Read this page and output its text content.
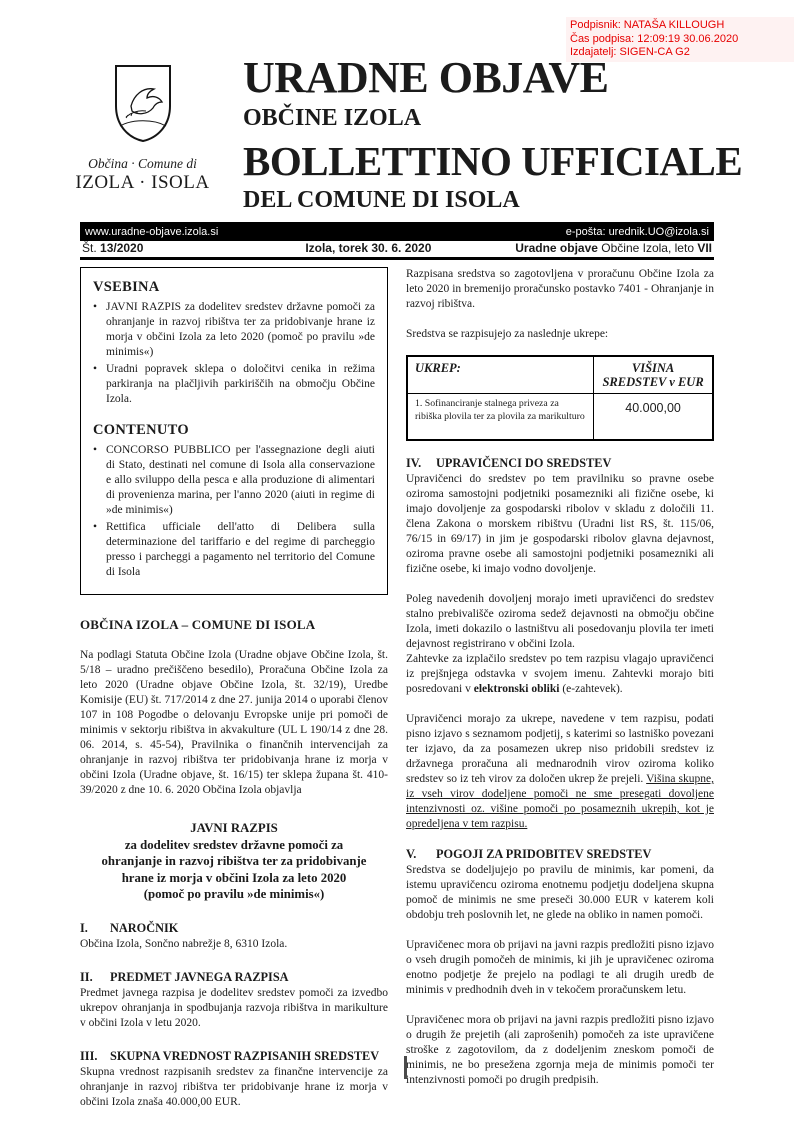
Podpisnik: NATAŠA KILLOUGH
Čas podpisa: 12:09:19 30.06.2020
Izdajatelj: SIGEN-CA G2
Občina · Comune di
IZOLA · ISOLA
URADNE OBJAVE
OBČINE IZOLA
BOLLETTINO UFFICIALE
DEL COMUNE DI ISOLA
www.uradne-objave.izola.si	e-pošta: urednik.UO@izola.si
Št. 13/2020	Izola, torek 30. 6. 2020	Uradne objave Občine Izola, leto VII
VSEBINA
• JAVNI RAZPIS za dodelitev sredstev državne pomoči za ohranjanje in razvoj ribištva ter za pridobivanje hrane iz morja v občini Izola za leto 2020 (pomoč po pravilu »de minimis«)
• Uradni popravek sklepa o določitvi cenika in režima parkiranja na plačljivih parkiriščih na območju Občine Izola.
CONTENUTO
• CONCORSO PUBBLICO per l'assegnazione degli aiuti di Stato, destinati nel comune di Isola alla conservazione e allo sviluppo della pesca e alla produzione di alimentari di provenienza marina, per l'anno 2020 (aiuti in regime di »de minimis«)
• Rettifica ufficiale dell'atto di Delibera sulla determinazione del tariffario e del regime di parcheggio presso i parcheggi a pagamento nel territorio del Comune di Isola
OBČINA IZOLA – COMUNE DI ISOLA

Na podlagi Statuta Občine Izola (Uradne objave Občine Izola, št. 5/18 – uradno prečiščeno besedilo), Proračuna Občine Izola za leto 2020 (Uradne objave Občine Izola, št. 32/19), Uredbe Komisije (EU) št. 717/2014 z dne 27. junija 2014 o uporabi členov 107 in 108 Pogodbe o delovanju Evropske unije pri pomoči de minimis v sektorju ribištva in akvakulture (UL L 190/14 z dne 28. 06. 2014, s. 45-54), Pravilnika o finančnih intervencijah za ohranjanje in razvoj ribištva ter pridobivanja hrane iz morja v občini Izola (Uradne objave, št. 16/15) ter sklepa župana št. 410-39/2020 z dne 10. 6. 2020 Občina Izola objavlja

JAVNI RAZPIS
za dodelitev sredstev državne pomoči za
ohranjanje in razvoj ribištva ter za pridobivanje
hrane iz morja v občini Izola za leto 2020
(pomoč po pravilu »de minimis«)
I.	NAROČNIK

Občina Izola, Sončno nabrežje 8, 6310 Izola.

II.	PREDMET JAVNEGA RAZPISA

Predmet javnega razpisa je dodelitev sredstev pomoči za izvedbo ukrepov ohranjanja in spodbujanja razvoja ribištva in marikulture v občini Izola v letu 2020.

III.	SKUPNA VREDNOST RAZPISANIH SREDSTEV

Skupna vrednost razpisanih sredstev za finančne intervencije za ohranjanje in razvoj ribištva ter pridobivanje hrane iz morja v občini Izola znaša 40.000,00 EUR.

Razpisana sredstva so zagotovljena v proračunu Občine Izola za leto 2020 in bremenijo proračunsko postavko 7401 - Ohranjanje in razvoj ribištva.

Sredstva se razpisujejo za naslednje ukrepe:

UKREP:	VIŠINA SREDSTEV v EUR
1. Sofinanciranje stalnega priveza za ribiška plovila ter za plovila za marikulturo	40.000,00
IV.	UPRAVIČENCI DO SREDSTEV

Upravičenci do sredstev po tem pravilniku so pravne osebe oziroma samostojni podjetniki posamezniki ali fizične osebe, ki imajo dovoljenje za gospodarski ribolov v skladu z določili 11. člena Zakona o morskem ribištvu (Uradni list RS, št. 115/06, 76/15 in 69/17) in jim je gospodarski ribolov glavna dejavnost, oziroma pravne osebe ali samostojni podjetniki posamezniki ali fizične osebe, ki imajo vodno dovoljenje.

Poleg navedenih dovoljenj morajo imeti upravičenci do sredstev stalno prebivališče oziroma sedež dejavnosti na območju občine Izola, imeti dokazilo o lastništvu ali posedovanju plovila ter imeti dejavnost registrirano v občini Izola.

Zahtevke za izplačilo sredstev po tem razpisu vlagajo upravičenci iz prejšnjega odstavka v svojem imenu. Zahtevki morajo biti posredovani v elektronski obliki (e-zahtevek).

Upravičenci morajo za ukrepe, navedene v tem razpisu, podati pisno izjavo s seznamom podjetij, s katerimi so lastniško povezani ter izjavo, da za posamezen ukrep niso pridobili sredstev iz državnega proračuna ali mednarodnih virov oziroma koliko sredstev so iz teh virov za določen ukrep že prejeli. Višina skupne, iz vseh virov dodeljene pomoči ne sme presegati dovoljene intenzivnosti oz. višine pomoči po posameznih ukrepih, kot je opredeljena v tem razpisu.

V.	POGOJI ZA PRIDOBITEV SREDSTEV

Sredstva se dodeljujejo po pravilu de minimis, kar pomeni, da istemu upravičencu oziroma enotnemu podjetju dodeljena skupna pomoč de minimis ne sme preseči 30.000 EUR v katerem koli obdobju treh poslovnih let, ne glede na obliko in namen pomoči.

Upravičenec mora ob prijavi na javni razpis predložiti pisno izjavo o vseh drugih pomočeh de minimis, ki jih je upravičenec oziroma enotno podjetje že prejelo na podlagi te ali drugih uredb de minimis v predhodnih dveh in v tekočem proračunskem letu.

Upravičenec mora ob prijavi na javni razpis predložiti pisno izjavo o drugih že prejetih (ali zaprošenih) pomočeh za iste upravičene stroške z zagotovilom, da z dodeljenim zneskom pomoči de minimis, ne bo presežena zgornja meja de minimis pomoči ter intenzivnosti pomoči po drugih predpisih.
